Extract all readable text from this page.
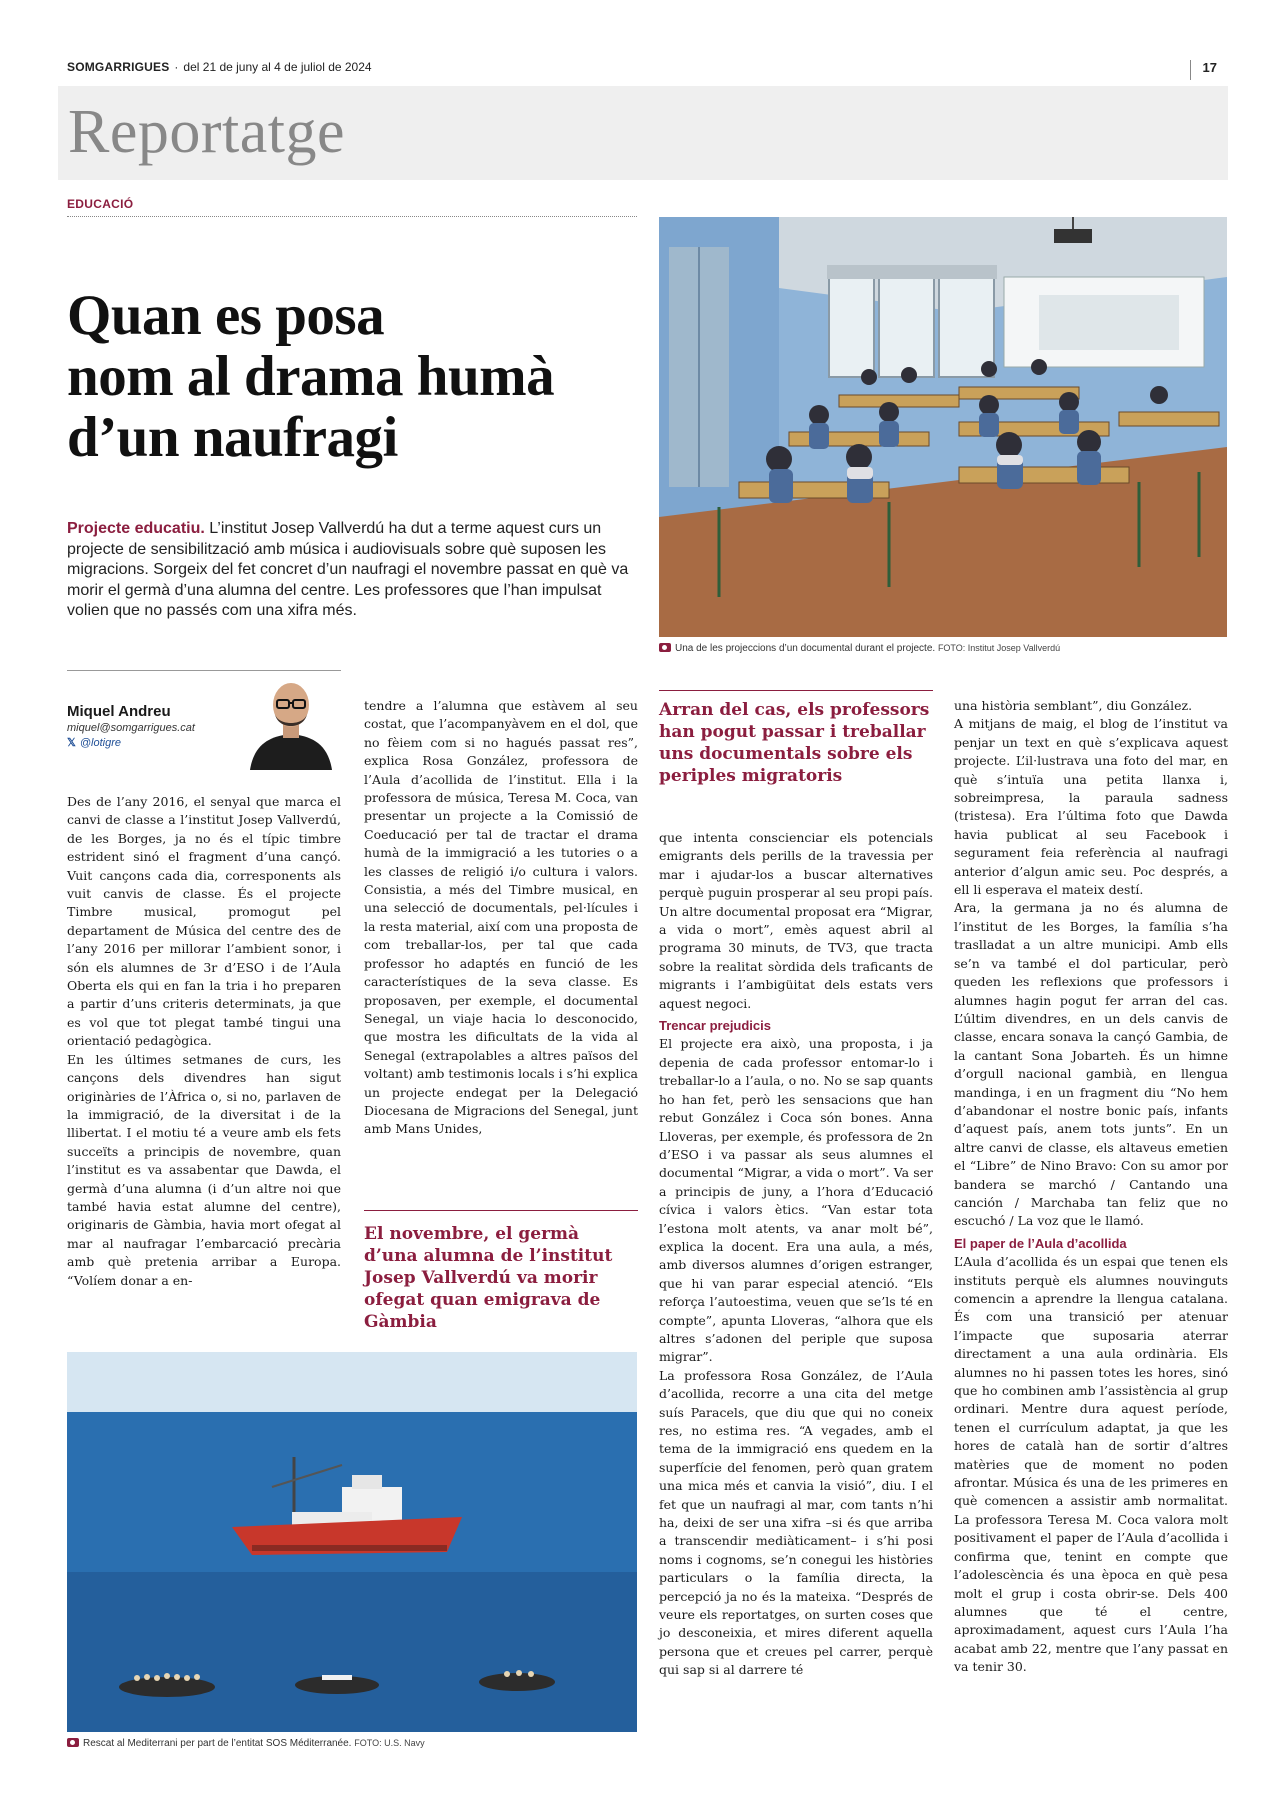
SOMGARRIGUES · del 21 de juny al 4 de juliol de 2024	17
Reportatge
EDUCACIÓ
Quan es posa
nom al drama humà
d’un naufragi
Projecte educatiu. L’institut Josep Vallverdú ha dut a terme aquest curs un projecte de sensibilització amb música i audiovisuals sobre què suposen les migracions. Sorgeix del fet concret d’un naufragi el novembre passat en què va morir el germà d’una alumna del centre. Les professores que l’han impulsat volien que no passés com una xifra més.
Una de les projeccions d’un documental durant el projecte. FOTO: Institut Josep Vallverdú
Miquel Andreu
miquel@somgarrigues.cat
𝕏 @lotigre

Des de l’any 2016, el senyal que marca el canvi de classe a l’institut Josep Vallverdú, de les Borges, ja no és el típic timbre estrident sinó el fragment d’una cançó. Vuit cançons cada dia, corresponents als vuit canvis de classe. És el projecte Timbre musical, promogut pel departament de Música del centre des de l’any 2016 per millorar l’ambient sonor, i són els alumnes de 3r d’ESO i de l’Aula Oberta els qui en fan la tria i ho preparen a partir d’uns criteris determinats, ja que es vol que tot plegat també tingui una orientació pedagògica.

En les últimes setmanes de curs, les cançons dels divendres han sigut originàries de l’Àfrica o, si no, parlaven de la immigració, de la diversitat i de la llibertat. I el motiu té a veure amb els fets succeïts a principis de novembre, quan l’institut es va assabentar que Dawda, el germà d’una alumna (i d’un altre noi que també havia estat alumne del centre), originaris de Gàmbia, havia mort ofegat al mar al naufragar l’embarcació precària amb què pretenia arribar a Europa. “Volíem donar a en-

tendre a l’alumna que estàvem al seu costat, que l’acompanyàvem en el dol, que no fèiem com si no hagués passat res”, explica Rosa González, professora de l’Aula d’acollida de l’institut. Ella i la professora de música, Teresa M. Coca, van presentar un projecte a la Comissió de Coeducació per tal de tractar el drama humà de la immigració a les tutories o a les classes de religió i/o cultura i valors. Consistia, a més del Timbre musical, en una selecció de documentals, pel·lícules i la resta material, així com una proposta de com treballar-los, per tal que cada professor ho adaptés en funció de les característiques de la seva classe. Es proposaven, per exemple, el documental Senegal, un viaje hacia lo desconocido, que mostra les dificultats de la vida al Senegal (extrapolables a altres països del voltant) amb testimonis locals i s’hi explica un projecte endegat per la Delegació Diocesana de Migracions del Senegal, junt amb Mans Unides,

El novembre, el germà d’una alumna de l’institut Josep Vallverdú va morir ofegat quan emigrava de Gàmbia
Arran del cas, els professors han pogut passar i treballar uns documentals sobre els periples migratoris

que intenta conscienciar els potencials emigrants dels perills de la travessia per mar i ajudar-los a buscar alternatives perquè puguin prosperar al seu propi país. Un altre documental proposat era “Migrar, a vida o mort”, emès aquest abril al programa 30 minuts, de TV3, que tracta sobre la realitat sòrdida dels traficants de migrants i l’ambigüitat dels estats vers aquest negoci.

Trencar prejudicis

El projecte era això, una proposta, i ja depenia de cada professor entomar-lo i treballar-lo a l’aula, o no. No se sap quants ho han fet, però les sensacions que han rebut González i Coca són bones. Anna Lloveras, per exemple, és professora de 2n d’ESO i va passar als seus alumnes el documental “Migrar, a vida o mort”. Va ser a principis de juny, a l’hora d’Educació cívica i valors ètics. “Van estar tota l’estona molt atents, va anar molt bé”, explica la docent. Era una aula, a més, amb diversos alumnes d’origen estranger, que hi van parar especial atenció. “Els reforça l’autoestima, veuen que se’ls té en compte”, apunta Lloveras, “alhora que els altres s’adonen del periple que suposa migrar”.

La professora Rosa González, de l’Aula d’acollida, recorre a una cita del metge suís Paracels, que diu que qui no coneix res, no estima res. “A vegades, amb el tema de la immigració ens quedem en la superfície del fenomen, però quan gratem una mica més et canvia la visió”, diu. I el fet que un naufragi al mar, com tants n’hi ha, deixi de ser una xifra –si és que arriba a transcendir mediàticament– i s’hi posi noms i cognoms, se’n conegui les històries particulars o la família directa, la percepció ja no és la mateixa. “Després de veure els reportatges, on surten coses que jo desconeixia, et mires diferent aquella persona que et creues pel carrer, perquè qui sap si al darrere té

una història semblant”, diu González.

A mitjans de maig, el blog de l’institut va penjar un text en què s’explicava aquest projecte. L’il·lustrava una foto del mar, en què s’intuïa una petita llanxa i, sobreimpresa, la paraula sadness (tristesa). Era l’última foto que Dawda havia publicat al seu Facebook i segurament feia referència al naufragi anterior d’algun amic seu. Poc després, a ell li esperava el mateix destí.

Ara, la germana ja no és alumna de l’institut de les Borges, la família s’ha traslladat a un altre municipi. Amb ells se’n va també el dol particular, però queden les reflexions que professors i alumnes hagin pogut fer arran del cas. L’últim divendres, en un dels canvis de classe, encara sonava la cançó Gambia, de la cantant Sona Jobarteh. És un himne d’orgull nacional gambià, en llengua mandinga, i en un fragment diu “No hem d’abandonar el nostre bonic país, infants d’aquest país, anem tots junts”. En un altre canvi de classe, els altaveus emetien el “Libre” de Nino Bravo: Con su amor por bandera se marchó / Cantando una canción / Marchaba tan feliz que no escuchó / La voz que le llamó.

El paper de l’Aula d’acollida

L’Aula d’acollida és un espai que tenen els instituts perquè els alumnes nouvinguts comencin a aprendre la llengua catalana. És com una transició per atenuar l’impacte que suposaria aterrar directament a una aula ordinària. Els alumnes no hi passen totes les hores, sinó que ho combinen amb l’assistència al grup ordinari. Mentre dura aquest període, tenen el currículum adaptat, ja que les hores de català han de sortir d’altres matèries que de moment no poden afrontar. Música és una de les primeres en què comencen a assistir amb normalitat. La professora Teresa M. Coca valora molt positivament el paper de l’Aula d’acollida i confirma que, tenint en compte que l’adolescència és una època en què pesa molt el grup i costa obrir-se. Dels 400 alumnes que té el centre, aproximadament, aquest curs l’Aula l’ha acabat amb 22, mentre que l’any passat en va tenir 30.

Rescat al Mediterrani per part de l’entitat SOS Méditerranée. FOTO: U.S. Navy
